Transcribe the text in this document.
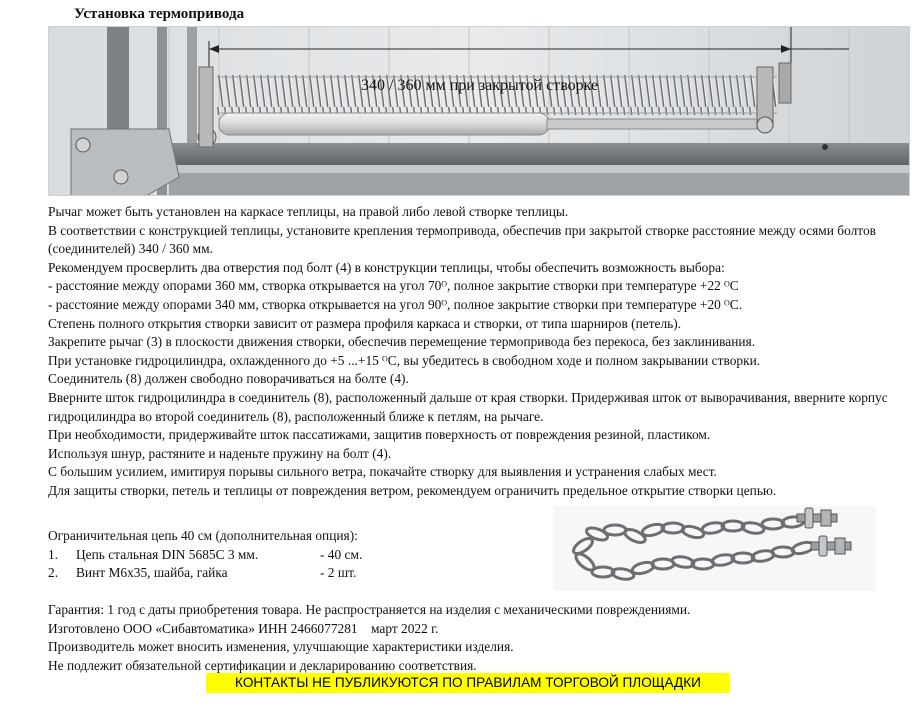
Установка термопривода
340 / 360 мм при закрытой створке

Рычаг может быть установлен на каркасе теплицы, на правой либо левой створке теплицы.

В соответствии с конструкцией теплицы, установите крепления термопривода, обеспечив при закрытой створке расстояние между осями болтов (соединителей) 340 / 360 мм.

Рекомендуем просверлить два отверстия под болт (4) в конструкции теплицы, чтобы обеспечить возможность выбора:

- расстояние между опорами 360 мм, створка открывается на угол 70ᴼ, полное закрытие створки при температуре +22 ᴼС

- расстояние между опорами 340 мм, створка открывается на угол 90ᴼ, полное закрытие створки при температуре +20 ᴼС.

Степень полного открытия створки зависит от размера профиля каркаса и створки, от типа шарниров (петель).

Закрепите рычаг (3) в плоскости движения створки, обеспечив перемещение термопривода без перекоса, без заклинивания.

При установке гидроцилиндра, охлажденного до +5 ...+15 ᴼС, вы убедитесь в свободном ходе и полном закрывании створки.

Соединитель (8) должен свободно поворачиваться на болте (4).

Вверните шток гидроцилиндра в соединитель (8), расположенный дальше от края створки. Придерживая шток от выворачивания, вверните корпус гидроцилиндра во второй соединитель (8), расположенный ближе к петлям, на рычаге.

При необходимости, придерживайте шток пассатижами, защитив поверхность от повреждения резиной, пластиком.

Используя шнур, растяните и наденьте пружину на болт (4).

С большим усилием, имитируя порывы сильного ветра, покачайте створку для выявления и устранения слабых мест.

Для защиты створки, петель и теплицы от повреждения ветром, рекомендуем ограничить предельное открытие створки цепью.

Ограничительная цепь 40 см (дополнительная опция):
1.	Цепь стальная DIN 5685C 3 мм.	- 40 см.
2.	Винт М6х35, шайба, гайка	- 2 шт.

Гарантия: 1 год с даты приобретения товара. Не распространяется на изделия с механическими повреждениями.

Изготовлено ООО «Сибавтоматика» ИНН 2466077281    март 2022 г.

Производитель может вносить изменения, улучшающие характеристики изделия.

Не подлежит обязательной сертификации и декларированию соответствия.

КОНТАКТЫ НЕ ПУБЛИКУЮТСЯ ПО ПРАВИЛАМ ТОРГОВОЙ ПЛОЩАДКИ
